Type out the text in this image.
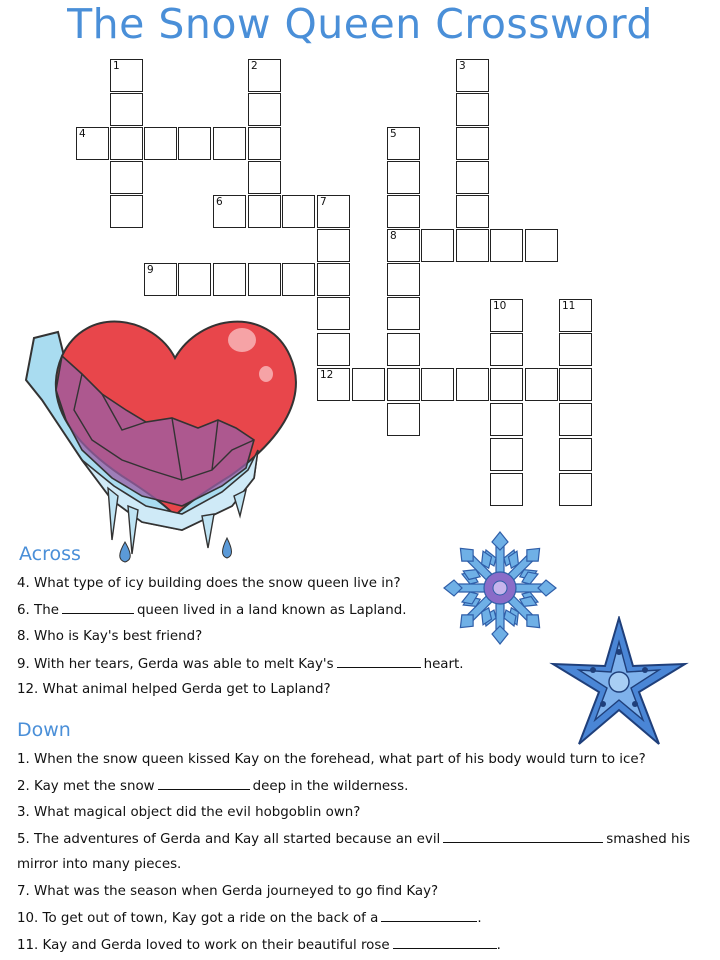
The Snow Queen Crossword
1
4
2
6	7
12
3
5
8
9
10	11
Across
4. What type of icy building does the snow queen live in?
6. The	queen lived in a land known as Lapland.
8. Who is Kay's best friend?
9. With her tears, Gerda was able to melt Kay's	heart.
12. What animal helped Gerda get to Lapland?
Down
1. When the snow queen kissed Kay on the forehead, what part of his body would turn to ice?
2. Kay met the snow	deep in the wilderness.
3. What magical object did the evil hobgoblin own?
5. The adventures of Gerda and Kay all started because an evil	smashed his
mirror into many pieces.
7. What was the season when Gerda journeyed to go find Kay?
10. To get out of town, Kay got a ride on the back of a	.
11. Kay and Gerda loved to work on their beautiful rose	.
